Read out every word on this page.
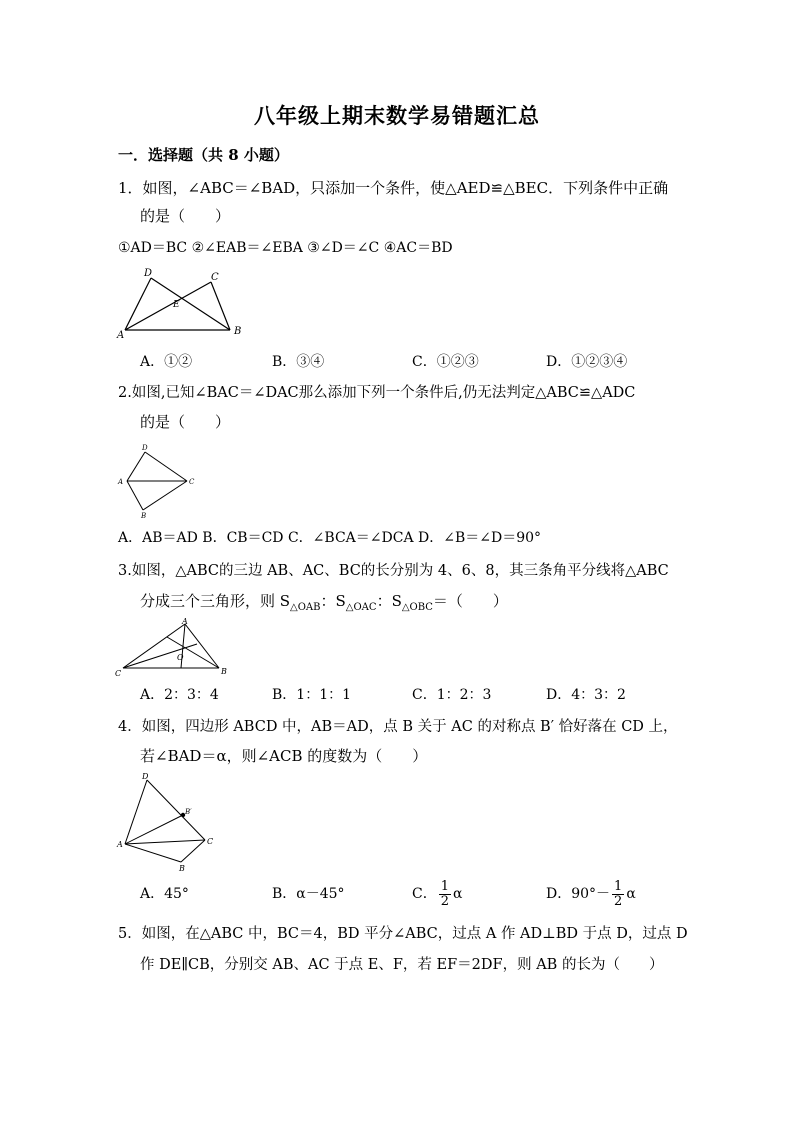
八年级上期末数学易错题汇总
一．选择题（共 8 小题）
1．如图，∠ABC＝∠BAD，只添加一个条件，使△AED≌△BEC．下列条件中正确
的是（　　）
①AD＝BC ②∠EAB＝∠EBA ③∠D＝∠C ④AC＝BD
A	B
C
D
E
A．①②	B．③④	C．①②③	D．①②③④
2.如图,已知∠BAC＝∠DAC那么添加下列一个条件后,仍无法判定△ABC≌△ADC
的是（　　）
A
B
C
D
A．AB＝AD B．CB＝CD C．∠BCA＝∠DCA D．∠B＝∠D＝90°
3.如图，△ABC的三边 AB、AC、BC的长分别为 4、6、8，其三条角平分线将△ABC
分成三个三角形，则 $S_{\triangle OAB}$：$S_{\triangle OAC}$：$S_{\triangle OBC}=$（　　）
C	B
A
O
A．2：3：4	B．1：1：1	C．1：2：3	D．4：3：2
4．如图，四边形 ABCD 中，AB＝AD，点 B 关于 AC 的对称点 B′ 恰好落在 CD 上，
若∠BAD＝α，则∠ACB 的度数为（　　）
D
A	C
B
B′
A．45°	B．α－45°	C． $\frac{1}{2}$ α	D．$90^\circ- \frac{1}{2}$ α
5．如图，在△ABC 中，BC＝4，BD 平分∠ABC，过点 A 作 AD⊥BD 于点 D，过点 D
作 DE∥CB，分别交 AB、AC 于点 E、F，若 EF＝2DF，则 AB 的长为（　　）
